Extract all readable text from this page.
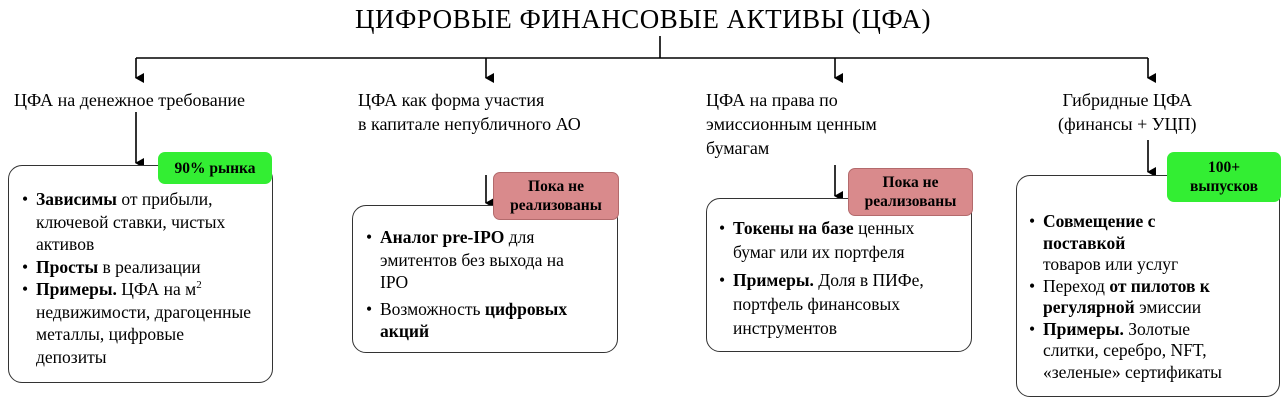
ЦИФРОВЫЕ ФИНАНСОВЫЕ АКТИВЫ (ЦФА)
ЦФА на денежное требование
• Зависимы от прибыли,
ключевой ставки, чистых
активов
• Просты в реализации
• Примеры. ЦФА на $м^2$
недвижимости, драгоценные
металлы, цифровые
депозиты
90% рынка
ЦФА как форма участия
в капитале непубличного АО
• Аналог pre-IPO для
эмитентов без выхода на
IPO
• Возможность цифровых
акций
Пока не
реализованы
ЦФА на права по
эмиссионным ценным
бумагам
• Токены на базе ценных
бумаг или их портфеля
• Примеры. Доля в ПИФе,
портфель финансовых
инструментов
Пока не
реализованы
Гибридные ЦФА
(финансы + УЦП)
• Совмещение с
поставкой
товаров или услуг
• Переход от пилотов к
регулярной эмиссии
• Примеры. Золотые
слитки, серебро, NFT,
«зеленые» сертификаты
100+
выпусков
